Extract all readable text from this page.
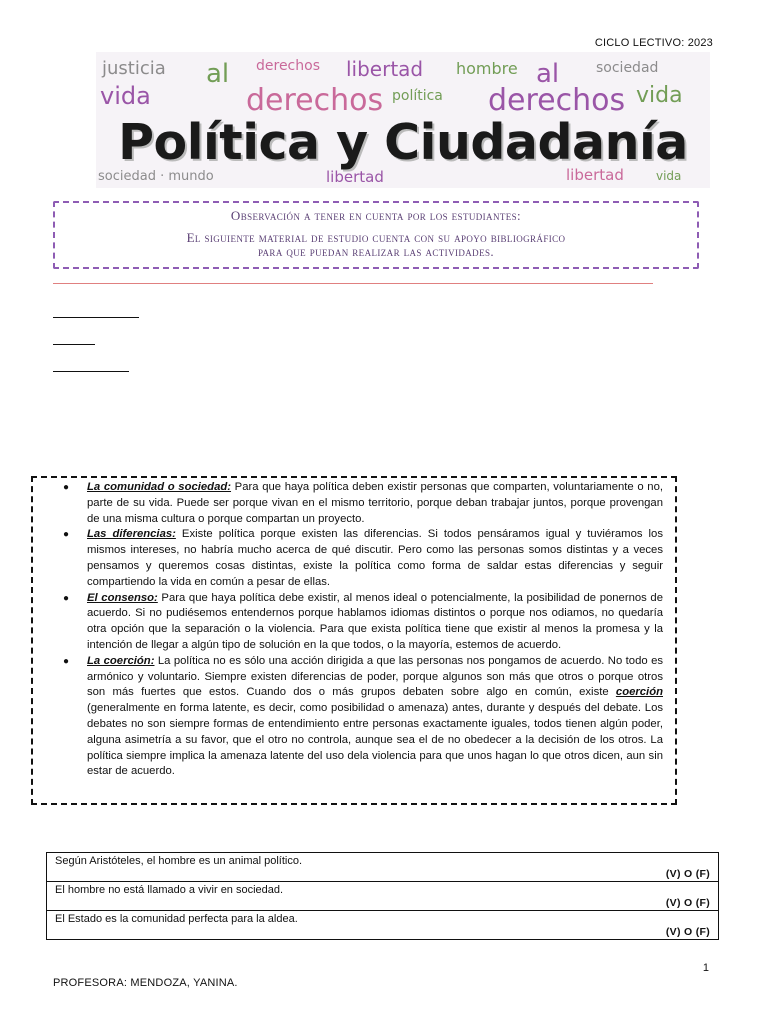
CICLO LECTIVO: 2023
justicia al derechos libertad hombre al	sociedad
vida	derechos política derechos vida
sociedad · mundo	libertad	libertad	vida
Política y Ciudadanía
Observación a tener en cuenta por los estudiantes:
El siguiente material de estudio cuenta con su apoyo bibliográfico
para que puedan realizar las actividades.
● La comunidad o sociedad: Para que haya política deben existir personas que comparten, voluntariamente o no, parte de su vida. Puede ser porque vivan en el mismo territorio, porque deban trabajar juntos, porque provengan de una misma cultura o porque compartan un proyecto.
● Las diferencias: Existe política porque existen las diferencias. Si todos pensáramos igual y tuviéramos los mismos intereses, no habría mucho acerca de qué discutir. Pero como las personas somos distintas y a veces pensamos y queremos cosas distintas, existe la política como forma de saldar estas diferencias y seguir compartiendo la vida en común a pesar de ellas.
● El consenso: Para que haya política debe existir, al menos ideal o potencialmente, la posibilidad de ponernos de acuerdo. Si no pudiésemos entendernos porque hablamos idiomas distintos o porque nos odiamos, no quedaría otra opción que la separación o la violencia. Para que exista política tiene que existir al menos la promesa y la intención de llegar a algún tipo de solución en la que todos, o la mayoría, estemos de acuerdo.
● La coerción: La política no es sólo una acción dirigida a que las personas nos pongamos de acuerdo. No todo es armónico y voluntario. Siempre existen diferencias de poder, porque algunos son más que otros o porque otros son más fuertes que estos. Cuando dos o más grupos debaten sobre algo en común, existe coerción (generalmente en forma latente, es decir, como posibilidad o amenaza) antes, durante y después del debate. Los debates no son siempre formas de entendimiento entre personas exactamente iguales, todos tienen algún poder, alguna asimetría a su favor, que el otro no controla, aunque sea el de no obedecer a la decisión de los otros. La política siempre implica la amenaza latente del uso dela violencia para que unos hagan lo que otros dicen, aun sin estar de acuerdo.
Según Aristóteles, el hombre es un animal político.
(V) O (F)

El hombre no está llamado a vivir en sociedad.
(V) O (F)

El Estado es la comunidad perfecta para la aldea.
(V) O (F)
1
PROFESORA: MENDOZA, YANINA.
